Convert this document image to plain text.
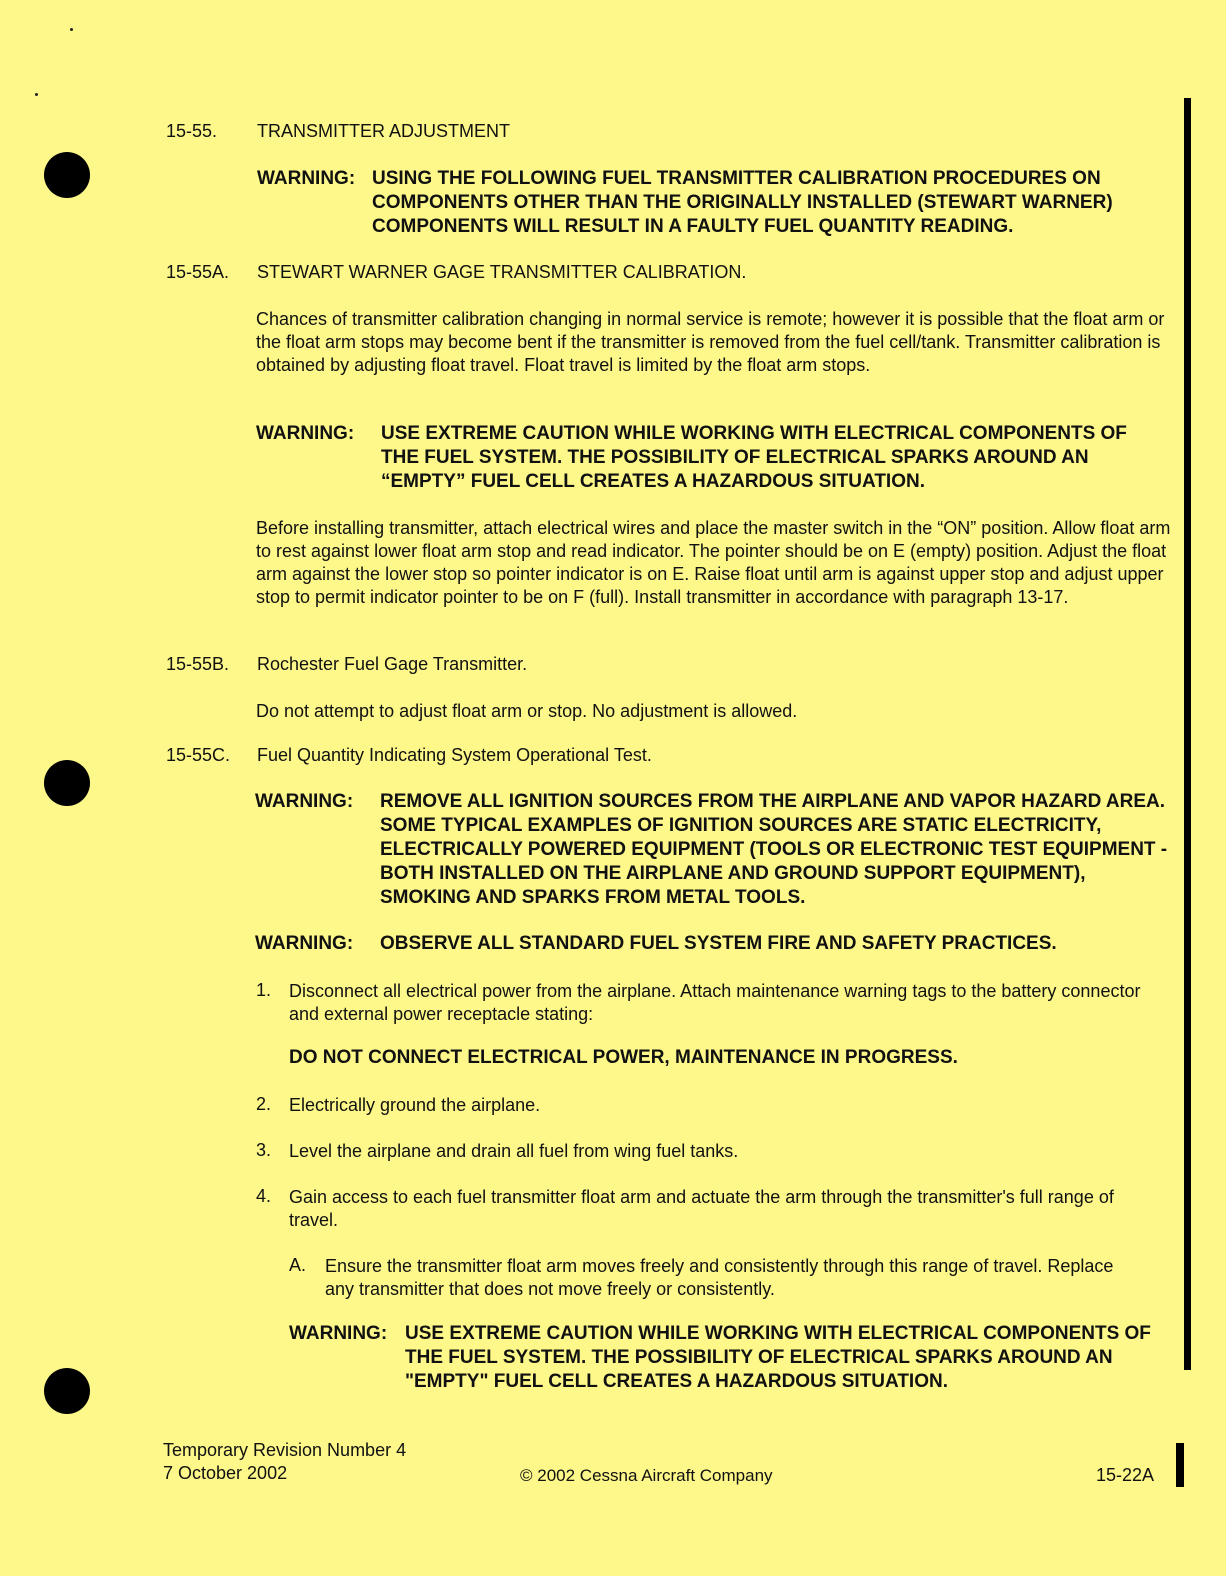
15-55. TRANSMITTER ADJUSTMENT
WARNING: USING THE FOLLOWING FUEL TRANSMITTER CALIBRATION PROCEDURES ON COMPONENTS OTHER THAN THE ORIGINALLY INSTALLED (STEWART WARNER) COMPONENTS WILL RESULT IN A FAULTY FUEL QUANTITY READING.
15-55A. STEWART WARNER GAGE TRANSMITTER CALIBRATION.
Chances of transmitter calibration changing in normal service is remote; however it is possible that the float arm or the float arm stops may become bent if the transmitter is removed from the fuel cell/tank. Transmitter calibration is obtained by adjusting float travel. Float travel is limited by the float arm stops.
WARNING: USE EXTREME CAUTION WHILE WORKING WITH ELECTRICAL COMPONENTS OF THE FUEL SYSTEM. THE POSSIBILITY OF ELECTRICAL SPARKS AROUND AN “EMPTY” FUEL CELL CREATES A HAZARDOUS SITUATION.
Before installing transmitter, attach electrical wires and place the master switch in the “ON” position. Allow float arm to rest against lower float arm stop and read indicator. The pointer should be on E (empty) position. Adjust the float arm against the lower stop so pointer indicator is on E. Raise float until arm is against upper stop and adjust upper stop to permit indicator pointer to be on F (full). Install transmitter in accordance with paragraph 13-17.
15-55B. Rochester Fuel Gage Transmitter.
Do not attempt to adjust float arm or stop. No adjustment is allowed.
15-55C. Fuel Quantity Indicating System Operational Test.
WARNING: REMOVE ALL IGNITION SOURCES FROM THE AIRPLANE AND VAPOR HAZARD AREA. SOME TYPICAL EXAMPLES OF IGNITION SOURCES ARE STATIC ELECTRICITY, ELECTRICALLY POWERED EQUIPMENT (TOOLS OR ELECTRONIC TEST EQUIPMENT - BOTH INSTALLED ON THE AIRPLANE AND GROUND SUPPORT EQUIPMENT), SMOKING AND SPARKS FROM METAL TOOLS.
WARNING: OBSERVE ALL STANDARD FUEL SYSTEM FIRE AND SAFETY PRACTICES.
1. Disconnect all electrical power from the airplane. Attach maintenance warning tags to the battery connector and external power receptacle stating:
DO NOT CONNECT ELECTRICAL POWER, MAINTENANCE IN PROGRESS.
2. Electrically ground the airplane.
3. Level the airplane and drain all fuel from wing fuel tanks.
4. Gain access to each fuel transmitter float arm and actuate the arm through the transmitter's full range of travel.
A. Ensure the transmitter float arm moves freely and consistently through this range of travel. Replace any transmitter that does not move freely or consistently.
WARNING: USE EXTREME CAUTION WHILE WORKING WITH ELECTRICAL COMPONENTS OF THE FUEL SYSTEM. THE POSSIBILITY OF ELECTRICAL SPARKS AROUND AN "EMPTY" FUEL CELL CREATES A HAZARDOUS SITUATION.
Temporary Revision Number 4
7 October 2002	© 2002 Cessna Aircraft Company	15-22A
